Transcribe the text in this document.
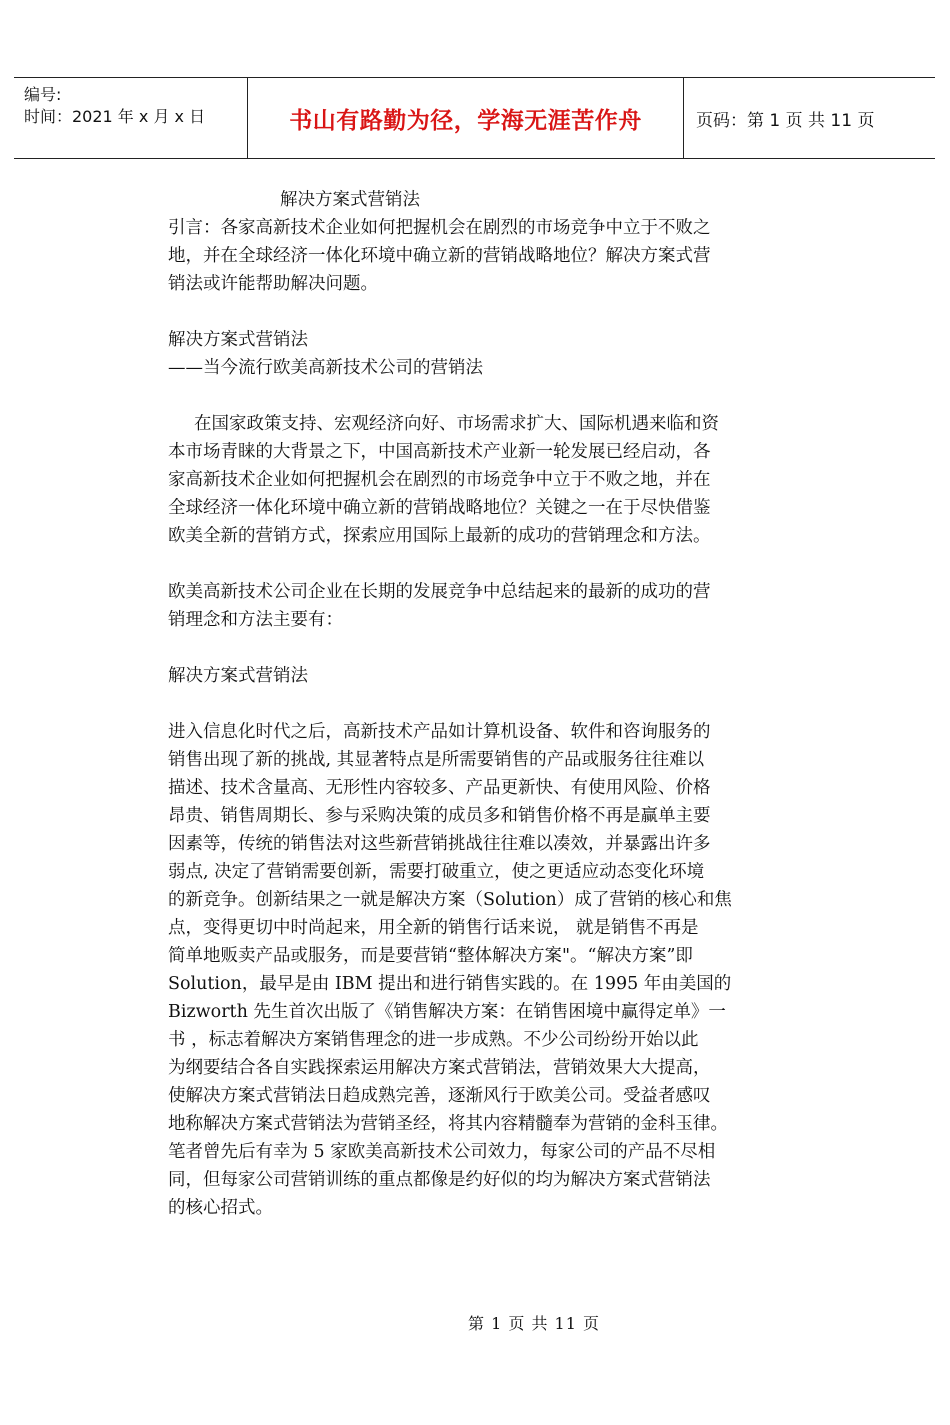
编号:
时间：2021 年 x 月 x 日	书山有路勤为径，学海无涯苦作舟	页码：第 1 页 共 11 页
解决方案式营销法
引言：各家高新技术企业如何把握机会在剧烈的市场竞争中立于不败之
地，并在全球经济一体化环境中确立新的营销战略地位？解决方案式营
销法或许能帮助解决问题。
解决方案式营销法
——当今流行欧美高新技术公司的营销法
在国家政策支持、宏观经济向好、市场需求扩大、国际机遇来临和资
本市场青睐的大背景之下，中国高新技术产业新一轮发展已经启动，各
家高新技术企业如何把握机会在剧烈的市场竞争中立于不败之地，并在
全球经济一体化环境中确立新的营销战略地位？关键之一在于尽快借鉴
欧美全新的营销方式，探索应用国际上最新的成功的营销理念和方法。
欧美高新技术公司企业在长期的发展竞争中总结起来的最新的成功的营
销理念和方法主要有：
解决方案式营销法
进入信息化时代之后，高新技术产品如计算机设备、软件和咨询服务的
销售出现了新的挑战, 其显著特点是所需要销售的产品或服务往往难以
描述、技术含量高、无形性内容较多、产品更新快、有使用风险、价格
昂贵、销售周期长、参与采购决策的成员多和销售价格不再是赢单主要
因素等，传统的销售法对这些新营销挑战往往难以凑效，并暴露出许多
弱点, 决定了营销需要创新，需要打破重立，使之更适应动态变化环境
的新竞争。创新结果之一就是解决方案（Solution）成了营销的核心和焦
点，变得更切中时尚起来，用全新的销售行话来说， 就是销售不再是
简单地贩卖产品或服务，而是要营销“整体解决方案"。“解决方案”即
Solution，最早是由 IBM 提出和进行销售实践的。在 1995 年由美国的
Bizworth 先生首次出版了《销售解决方案：在销售困境中赢得定单》一
书 ，标志着解决方案销售理念的进一步成熟。不少公司纷纷开始以此
为纲要结合各自实践探索运用解决方案式营销法，营销效果大大提高，
使解决方案式营销法日趋成熟完善，逐渐风行于欧美公司。受益者感叹
地称解决方案式营销法为营销圣经，将其内容精髓奉为营销的金科玉律。
笔者曾先后有幸为 5 家欧美高新技术公司效力，每家公司的产品不尽相
同，但每家公司营销训练的重点都像是约好似的均为解决方案式营销法
的核心招式。
第 1 页 共 11 页
